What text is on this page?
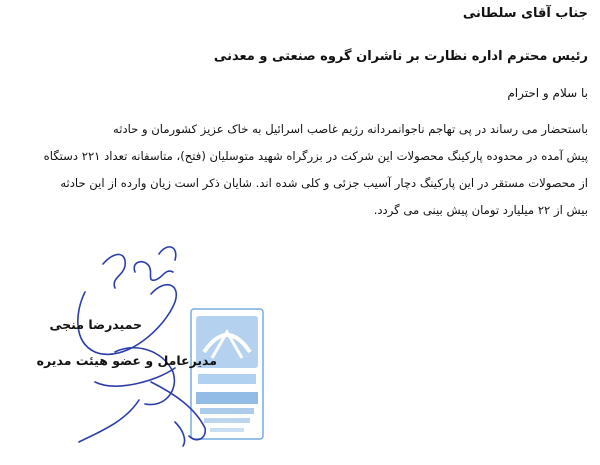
جناب آقای سلطانی
رئیس محترم اداره نظارت بر ناشران گروه صنعتی و معدنی
با سلام و احترام
باستحضار می رساند در پی تهاجم ناجوانمردانه رژیم غاصب اسرائیل به خاک عزیز کشورمان و حادثه
پیش آمده در محدوده پارکینگ محصولات این شرکت در بزرگراه شهید متوسلیان (فتح)، متاسفانه تعداد ۲۲۱ دستگاه
از محصولات مستقر در این پارکینگ دچار آسیب جزئی و کلی شده اند. شایان ذکر است زیان وارده از این حادثه
بیش از ۲۲ میلیارد تومان پیش بینی می گردد.
حمیدرضا منجی
مدیرعامل و عضو هیئت مدیره
